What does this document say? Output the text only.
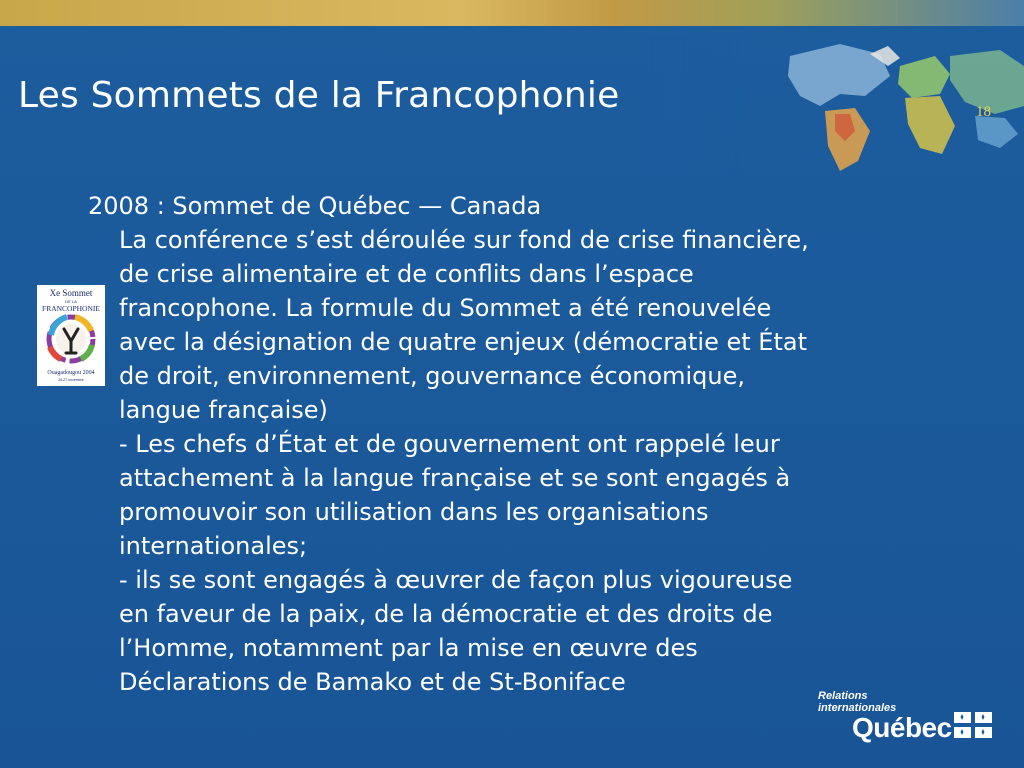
Les Sommets de la Francophonie	18
Xe Sommet
DE LA
FRANCOPHONIE
Ouagadougou 2004
26-27 novembre
2008 : Sommet de Québec — Canada
La conférence s’est déroulée sur fond de crise financière,
de crise alimentaire et de conflits dans l’espace
francophone. La formule du Sommet a été renouvelée
avec la désignation de quatre enjeux (démocratie et État
de droit, environnement, gouvernance économique,
langue française)
- Les chefs d’État et de gouvernement ont rappelé leur
attachement à la langue française et se sont engagés à
promouvoir son utilisation dans les organisations
internationales;
- ils se sont engagés à œuvrer de façon plus vigoureuse
en faveur de la paix, de la démocratie et des droits de
l’Homme, notamment par la mise en œuvre des
Déclarations de Bamako et de St-Boniface	Relations
internationales
Québec
